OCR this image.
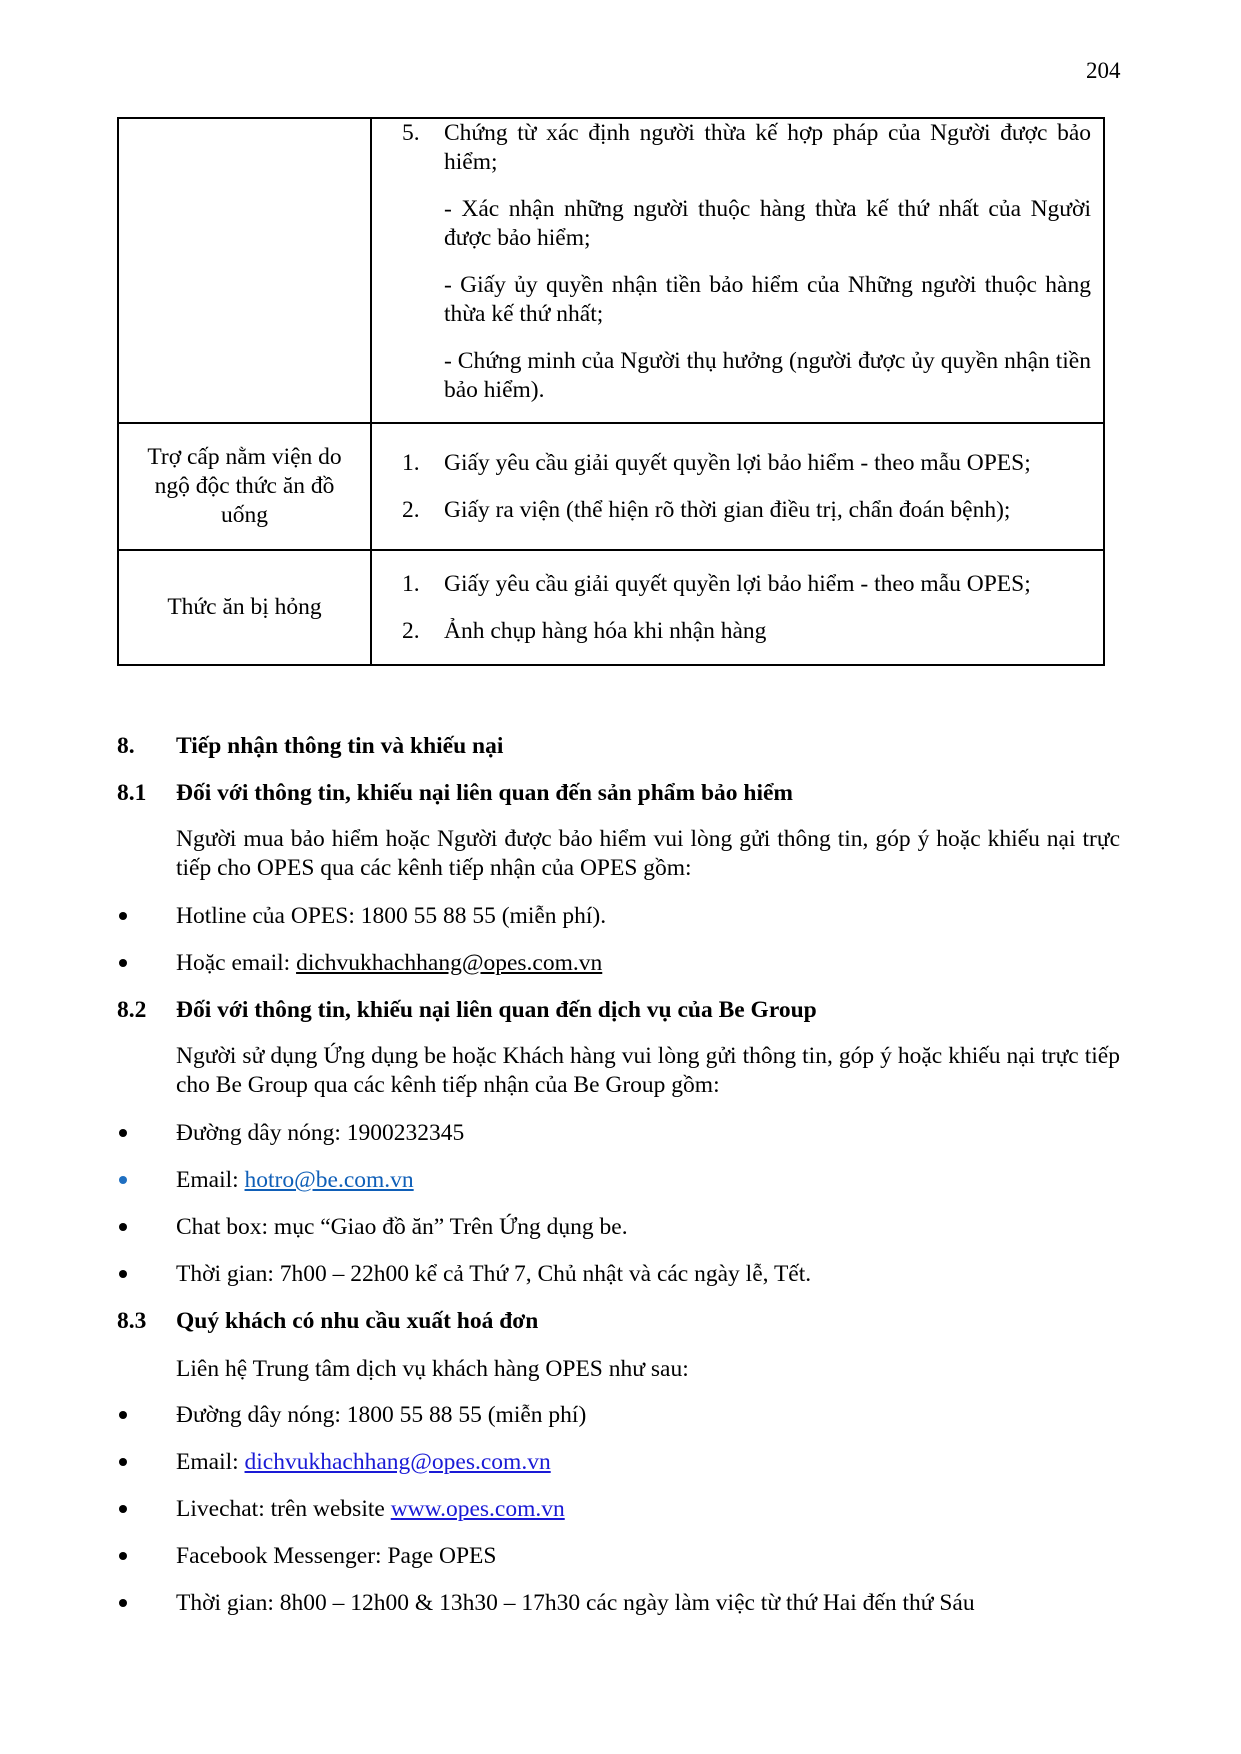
204

	5. Chứng từ xác định người thừa kế hợp pháp của Người được bảo hiểm;
- Xác nhận những người thuộc hàng thừa kế thứ nhất của Người được bảo hiểm;
- Giấy ủy quyền nhận tiền bảo hiểm của Những người thuộc hàng thừa kế thứ nhất;
- Chứng minh của Người thụ hưởng (người được ủy quyền nhận tiền bảo hiểm).

Trợ cấp nằm viện do ngộ độc thức ăn đồ uống	1. Giấy yêu cầu giải quyết quyền lợi bảo hiểm - theo mẫu OPES;
2. Giấy ra viện (thể hiện rõ thời gian điều trị, chẩn đoán bệnh);

Thức ăn bị hỏng	1. Giấy yêu cầu giải quyết quyền lợi bảo hiểm - theo mẫu OPES;
2. Ảnh chụp hàng hóa khi nhận hàng
8. Tiếp nhận thông tin và khiếu nại
8.1 Đối với thông tin, khiếu nại liên quan đến sản phẩm bảo hiểm
Người mua bảo hiểm hoặc Người được bảo hiểm vui lòng gửi thông tin, góp ý hoặc khiếu nại trực tiếp cho OPES qua các kênh tiếp nhận của OPES gồm:
Hotline của OPES: 1800 55 88 55 (miễn phí).
Hoặc email: dichvukhachhang@opes.com.vn
8.2 Đối với thông tin, khiếu nại liên quan đến dịch vụ của Be Group
Người sử dụng Ứng dụng be hoặc Khách hàng vui lòng gửi thông tin, góp ý hoặc khiếu nại trực tiếp cho Be Group qua các kênh tiếp nhận của Be Group gồm:
Đường dây nóng: 1900232345
Email: hotro@be.com.vn
Chat box: mục “Giao đồ ăn” Trên Ứng dụng be.
Thời gian: 7h00 – 22h00 kể cả Thứ 7, Chủ nhật và các ngày lễ, Tết.
8.3 Quý khách có nhu cầu xuất hoá đơn
Liên hệ Trung tâm dịch vụ khách hàng OPES như sau:
Đường dây nóng: 1800 55 88 55 (miễn phí)
Email: dichvukhachhang@opes.com.vn
Livechat: trên website www.opes.com.vn
Facebook Messenger: Page OPES
Thời gian: 8h00 – 12h00 & 13h30 – 17h30 các ngày làm việc từ thứ Hai đến thứ Sáu
